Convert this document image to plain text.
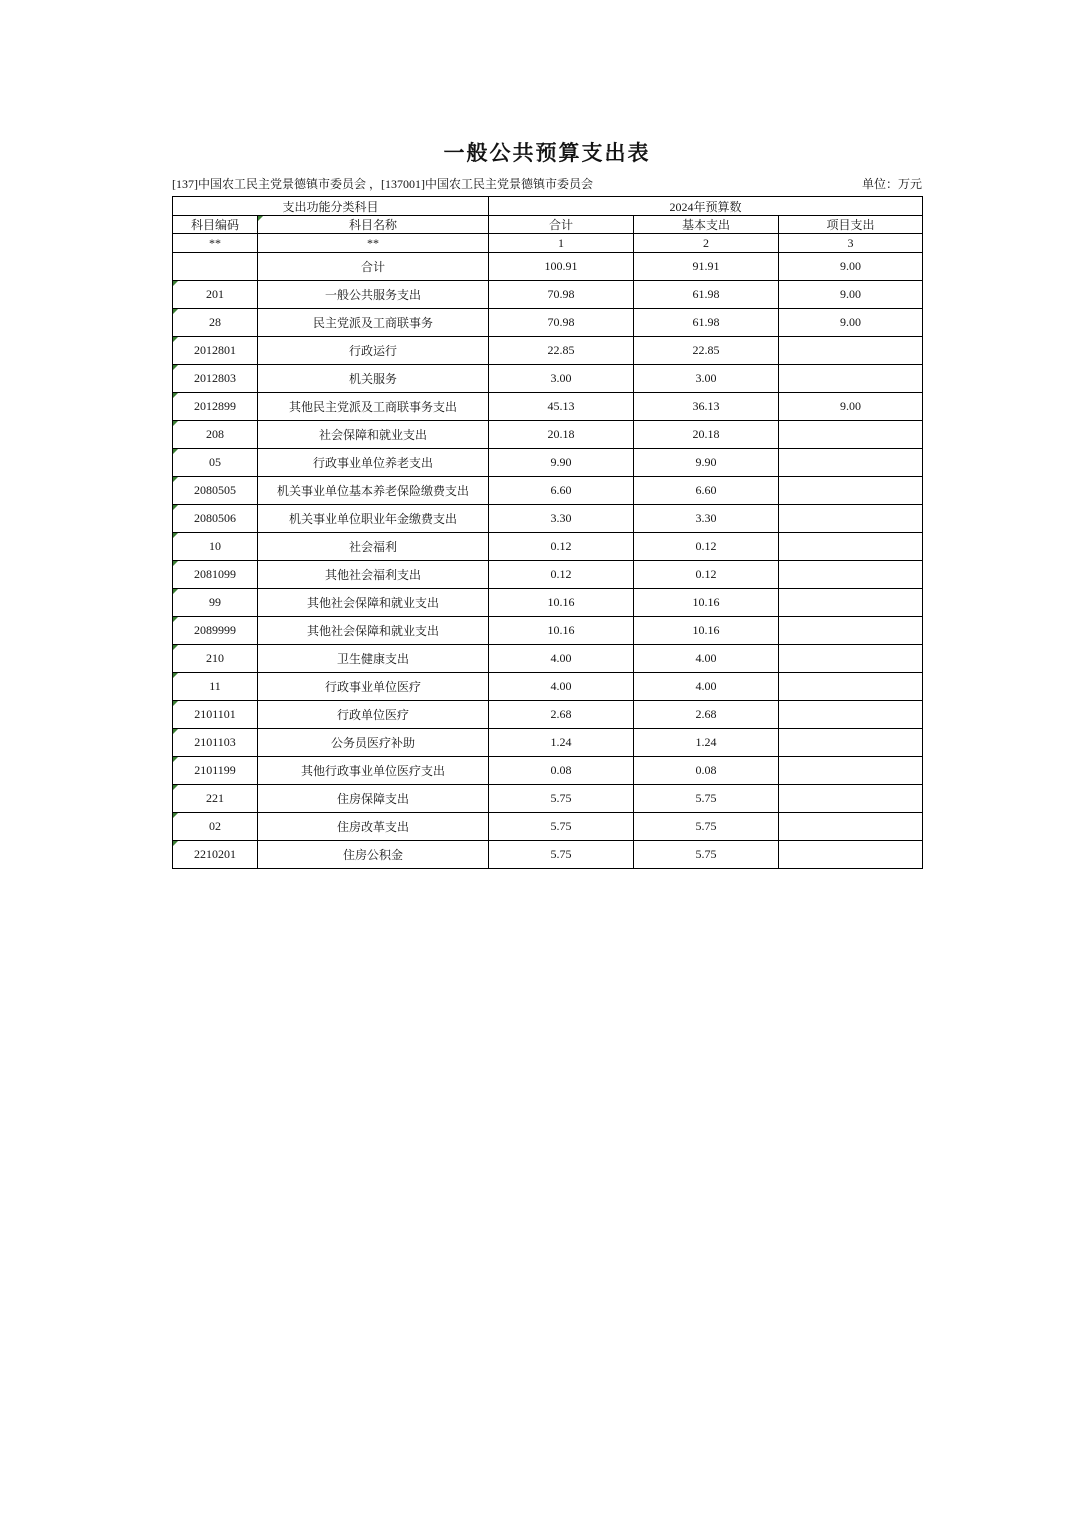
一般公共预算支出表
[137]中国农工民主党景德镇市委员会 ，[137001]中国农工民主党景德镇市委员会	单位：万元
支出功能分类科目		2024年预算数		
科目编码	科目名称	合计	基本支出	项目支出
**	**	1	2	3
	合计	100.91	91.91	9.00

201	一般公共服务支出	70.98	61.98	9.00

28	民主党派及工商联事务	70.98	61.98	9.00

2012801	行政运行	22.85	22.85	

2012803	机关服务	3.00	3.00	

2012899	其他民主党派及工商联事务支出	45.13	36.13	9.00

208	社会保障和就业支出	20.18	20.18	

05	行政事业单位养老支出	9.90	9.90	

2080505	机关事业单位基本养老保险缴费支出	6.60	6.60	

2080506	机关事业单位职业年金缴费支出	3.30	3.30	

10	社会福利	0.12	0.12	

2081099	其他社会福利支出	0.12	0.12	

99	其他社会保障和就业支出	10.16	10.16	

2089999	其他社会保障和就业支出	10.16	10.16	

210	卫生健康支出	4.00	4.00	

11	行政事业单位医疗	4.00	4.00	

2101101	行政单位医疗	2.68	2.68	

2101103	公务员医疗补助	1.24	1.24	

2101199	其他行政事业单位医疗支出	0.08	0.08	

221	住房保障支出	5.75	5.75	

02	住房改革支出	5.75	5.75	

2210201	住房公积金	5.75	5.75	
